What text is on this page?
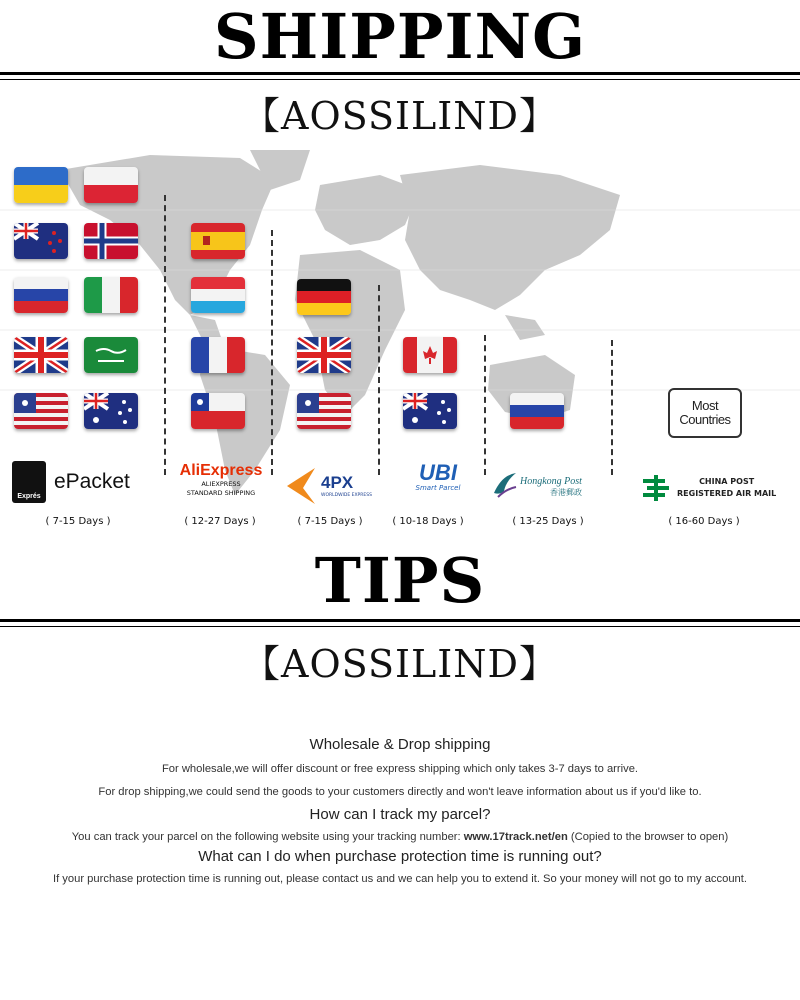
SHIPPING
【AOSSILIND】
Most
Countries
Exprés
ePacket	AliExpress
ALIEXPRESS
STANDARD SHIPPING
4PX
WORLDWIDE EXPRESS
UBI
Smart Parcel
Hongkong Post
香港郵政
CHINA POST
REGISTERED AIR MAIL
( 7-15 Days )	( 12-27 Days )	( 7-15 Days )	( 10-18 Days )	( 13-25 Days )	( 16-60 Days )
TIPS
【AOSSILIND】

Wholesale & Drop shipping

For wholesale,we will offer discount or free express shipping which only takes 3-7 days to arrive.

For drop shipping,we could send the goods to your customers directly and won't leave information about us if you'd like to.

How can I track my parcel?

You can track your parcel on the following website using your tracking number: www.17track.net/en (Copied to the browser to open)

What can I do when purchase protection time is running out?

If your purchase protection time is running out, please contact us and we can help you to extend it. So your money will not go to my account.
